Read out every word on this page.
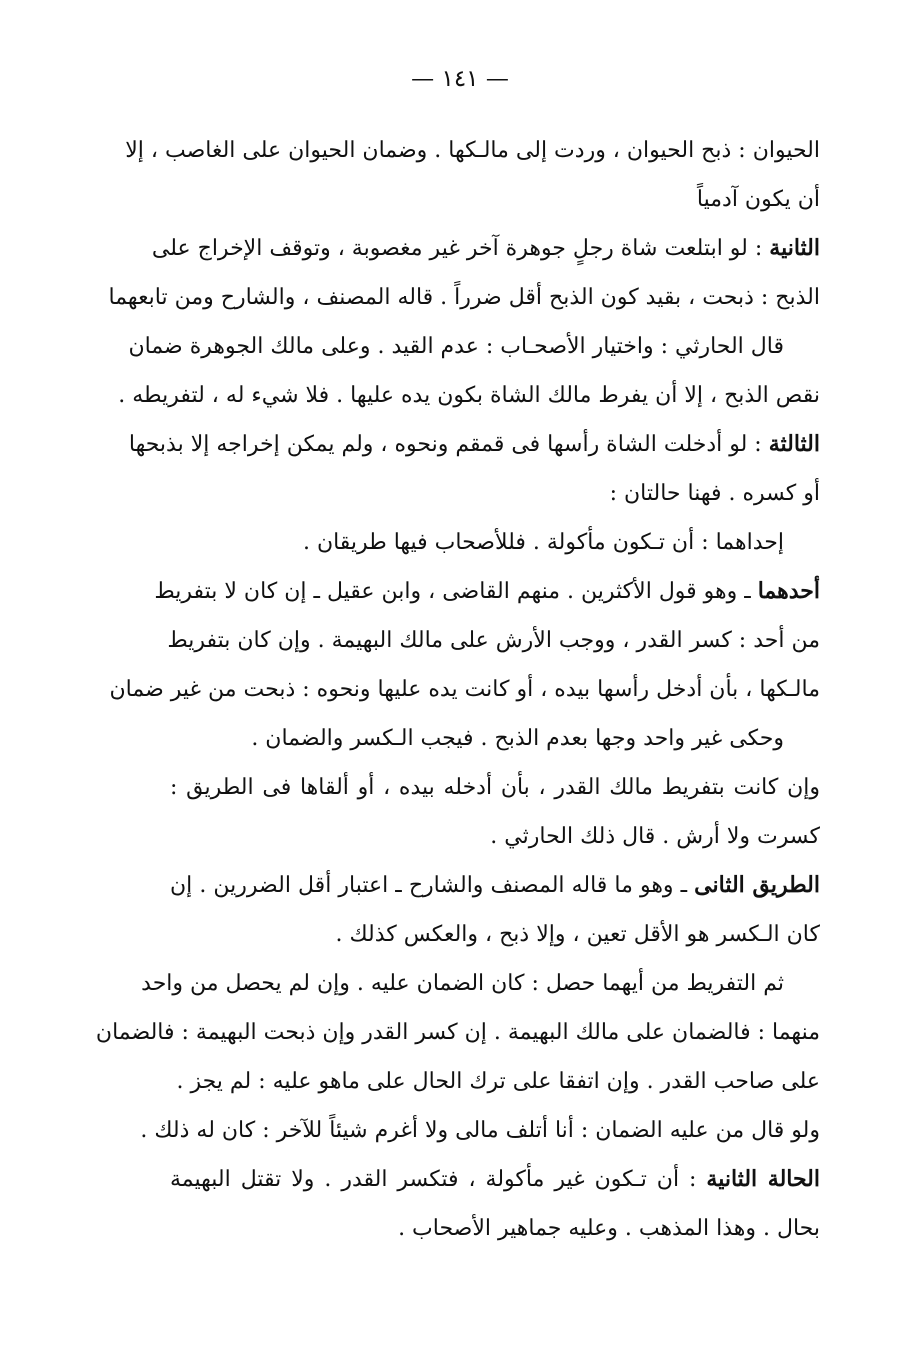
— ١٤١ —
الحيوان : ذبح الحيوان ، وردت إلى مالـكها . وضمان الحيوان على الغاصب ، إلا
أن يكون آدمياً
الثانية : لو ابتلعت شاة رجلٍ جوهرة آخر غير مغصوبة ، وتوقف الإخراج على
الذبح : ذبحت ، بقيد كون الذبح أقل ضرراً . قاله المصنف ، والشارح ومن تابعهما
قال الحارثي : واختيار الأصحـاب : عدم القيد . وعلى مالك الجوهرة ضمان
نقص الذبح ، إلا أن يفرط مالك الشاة بكون يده عليها . فلا شيء له ، لتفريطه .
الثالثة : لو أدخلت الشاة رأسها فى قمقم ونحوه ، ولم يمكن إخراجه إلا بذبحها
أو كسره . فهنا حالتان :
إحداهما : أن تـكون مأكولة . فللأصحاب فيها طريقان .
أحدهما ـ وهو قول الأكثرين . منهم القاضى ، وابن عقيل ـ إن كان لا بتفريط
من أحد : كسر القدر ، ووجب الأرش على مالك البهيمة . وإن كان بتفريط
مالـكها ، بأن أدخل رأسها بيده ، أو كانت يده عليها ونحوه : ذبحت من غير ضمان
وحكى غير واحد وجها بعدم الذبح . فيجب الـكسر والضمان .
وإن كانت بتفريط مالك القدر ، بأن أدخله بيده ، أو ألقاها فى الطريق :
كسرت ولا أرش . قال ذلك الحارثي .
الطريق الثانى ـ وهو ما قاله المصنف والشارح ـ اعتبار أقل الضررين . إن
كان الـكسر هو الأقل تعين ، وإلا ذبح ، والعكس كذلك .
ثم التفريط من أيهما حصل : كان الضمان عليه . وإن لم يحصل من واحد
منهما : فالضمان على مالك البهيمة . إن كسر القدر وإن ذبحت البهيمة : فالضمان
على صاحب القدر . وإن اتفقا على ترك الحال على ماهو عليه : لم يجز .
ولو قال من عليه الضمان : أنا أتلف مالى ولا أغرم شيئاً للآخر : كان له ذلك .
الحالة الثانية : أن تـكون غير مأكولة ، فتكسر القدر . ولا تقتل البهيمة
بحال . وهذا المذهب . وعليه جماهير الأصحاب .
